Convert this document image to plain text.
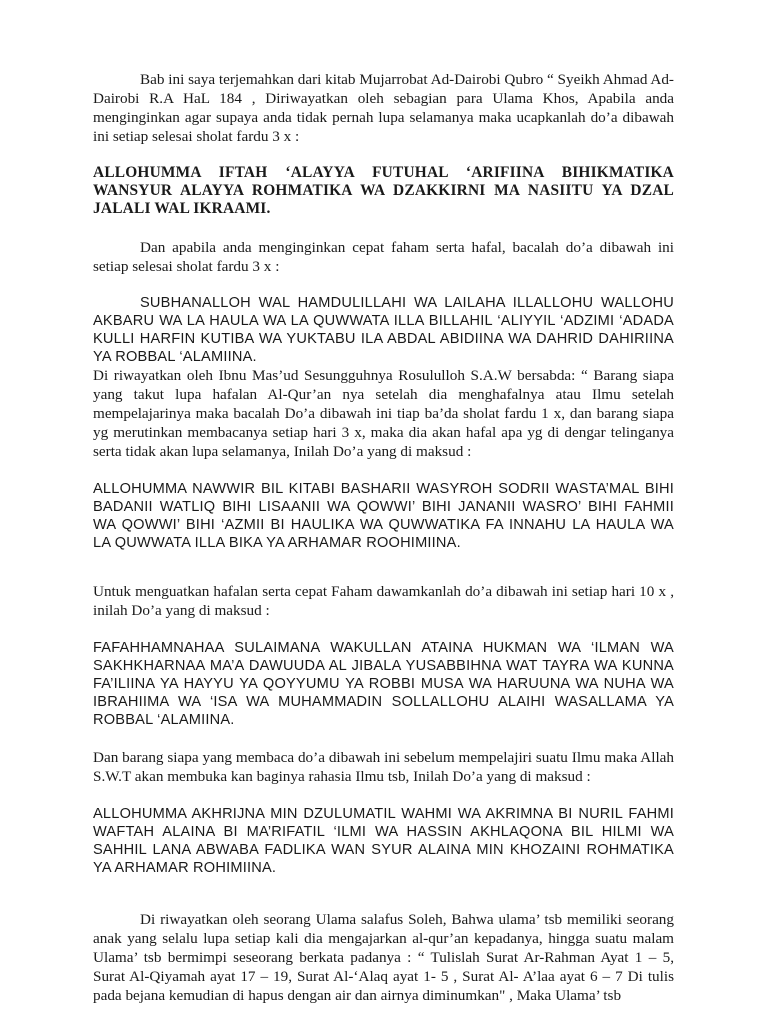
Bab ini saya terjemahkan dari kitab Mujarrobat Ad-Dairobi Qubro “ Syeikh Ahmad Ad-Dairobi R.A HaL 184 , Diriwayatkan oleh sebagian para Ulama Khos, Apabila anda menginginkan agar supaya anda tidak pernah lupa selamanya maka ucapkanlah do’a dibawah ini setiap selesai sholat fardu 3 x :

ALLOHUMMA IFTAH ‘ALAYYA FUTUHAL ‘ARIFIINA BIHIKMATIKA WANSYUR ALAYYA ROHMATIKA WA DZAKKIRNI MA NASIITU YA DZAL JALALI WAL IKRAAMI.

Dan apabila anda menginginkan cepat faham serta hafal, bacalah do’a dibawah ini setiap selesai sholat fardu 3 x :

SUBHANALLOH WAL HAMDULILLAHI WA LAILAHA ILLALLOHU WALLOHU AKBARU WA LA HAULA WA LA QUWWATA ILLA BILLAHIL ‘ALIYYIL ‘ADZIMI ‘ADADA KULLI HARFIN KUTIBA WA YUKTABU ILA ABDAL ABIDIINA WA DAHRID DAHIRIINA YA ROBBAL ‘ALAMIINA.

Di riwayatkan oleh Ibnu Mas’ud Sesungguhnya Rosululloh S.A.W bersabda: “ Barang siapa yang takut lupa hafalan Al-Qur’an nya setelah dia menghafalnya atau Ilmu setelah mempelajarinya maka bacalah Do’a dibawah ini tiap ba’da sholat fardu 1 x, dan barang siapa yg merutinkan membacanya setiap hari 3 x, maka dia akan hafal apa yg di dengar telinganya serta tidak akan lupa selamanya, Inilah Do’a yang di maksud :

ALLOHUMMA NAWWIR BIL KITABI BASHARII WASYROH SODRII WASTA’MAL BIHI BADANII WATLIQ BIHI LISAANII WA QOWWI’ BIHI JANANII WASRO’ BIHI FAHMII WA QOWWI’ BIHI ‘AZMII BI HAULIKA WA QUWWATIKA FA INNAHU LA HAULA WA LA QUWWATA ILLA BIKA YA ARHAMAR ROOHIMIINA.

Untuk menguatkan hafalan serta cepat Faham dawamkanlah do’a dibawah ini setiap hari 10 x , inilah Do’a yang di maksud :

FAFAHHAMNAHAA SULAIMANA WAKULLAN ATAINA HUKMAN WA ‘ILMAN WA SAKHKHARNAA MA’A DAWUUDA AL JIBALA YUSABBIHNA WAT TAYRA WA KUNNA FA’ILIINA YA HAYYU YA QOYYUMU YA ROBBI MUSA WA HARUUNA WA NUHA WA IBRAHIIMA WA ‘ISA WA MUHAMMADIN SOLLALLOHU ALAIHI WASALLAMA YA ROBBAL ‘ALAMIINA.

Dan barang siapa yang membaca do’a dibawah ini sebelum mempelajiri suatu Ilmu maka Allah S.W.T akan membuka kan baginya rahasia Ilmu tsb, Inilah Do’a yang di maksud :

ALLOHUMMA AKHRIJNA MIN DZULUMATIL WAHMI WA AKRIMNA BI NURIL FAHMI WAFTAH ALAINA BI MA’RIFATIL ‘ILMI WA HASSIN AKHLAQONA BIL HILMI WA SAHHIL LANA ABWABA FADLIKA WAN SYUR ALAINA MIN KHOZAINI ROHMATIKA YA ARHAMAR ROHIMIINA.

Di riwayatkan oleh seorang Ulama salafus Soleh, Bahwa ulama’ tsb memiliki seorang anak yang selalu lupa setiap kali dia mengajarkan al-qur’an kepadanya, hingga suatu malam Ulama’ tsb bermimpi seseorang berkata padanya : “ Tulislah Surat Ar-Rahman Ayat 1 – 5, Surat Al-Qiyamah ayat 17 – 19, Surat Al-‘Alaq ayat 1- 5 , Surat Al- A’laa ayat 6 – 7 Di tulis pada bejana kemudian di hapus dengan air dan airnya diminumkan" , Maka Ulama’ tsb
